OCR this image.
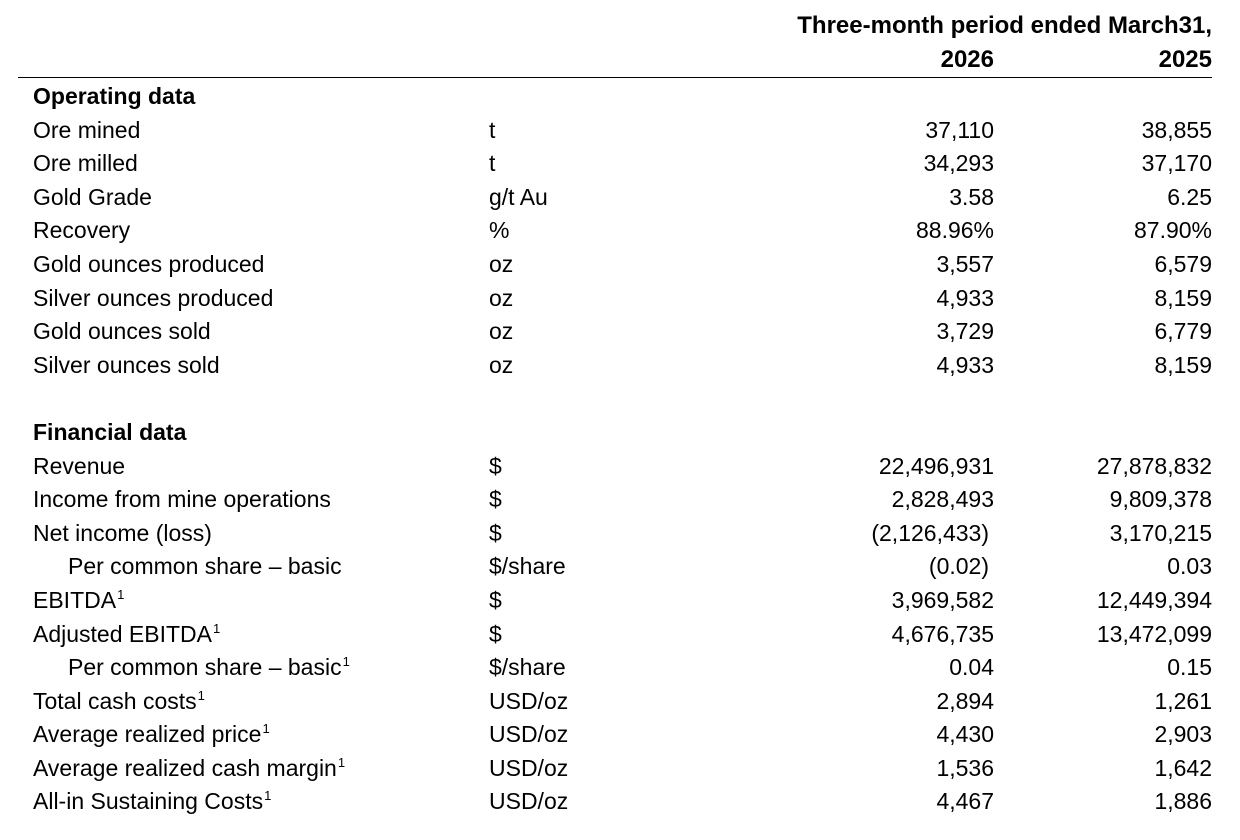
Three-month period ended March31,
2026	2025
Operating data
Ore mined	t	37,110	38,855
Ore milled	t	34,293	37,170
Gold Grade	g/t Au	3.58	6.25
Recovery	%	88.96%	87.90%
Gold ounces produced	oz	3,557	6,579
Silver ounces produced	oz	4,933	8,159
Gold ounces sold	oz	3,729	6,779
Silver ounces sold	oz	4,933	8,159
Financial data
Revenue	$	22,496,931	27,878,832
Income from mine operations	$	2,828,493	9,809,378
Net income (loss)	$	(2,126,433)	3,170,215
Per common share – basic	$/share	(0.02)	0.03
EBITDA$^1$	$	3,969,582	12,449,394
Adjusted EBITDA$^1$	$	4,676,735	13,472,099
Per common share – basic$^1$	$/share	0.04	0.15
Total cash costs$^1$	USD/oz	2,894	1,261
Average realized price$^1$	USD/oz	4,430	2,903
Average realized cash margin$^1$	USD/oz	1,536	1,642
All-in Sustaining Costs$^1$	USD/oz	4,467	1,886
